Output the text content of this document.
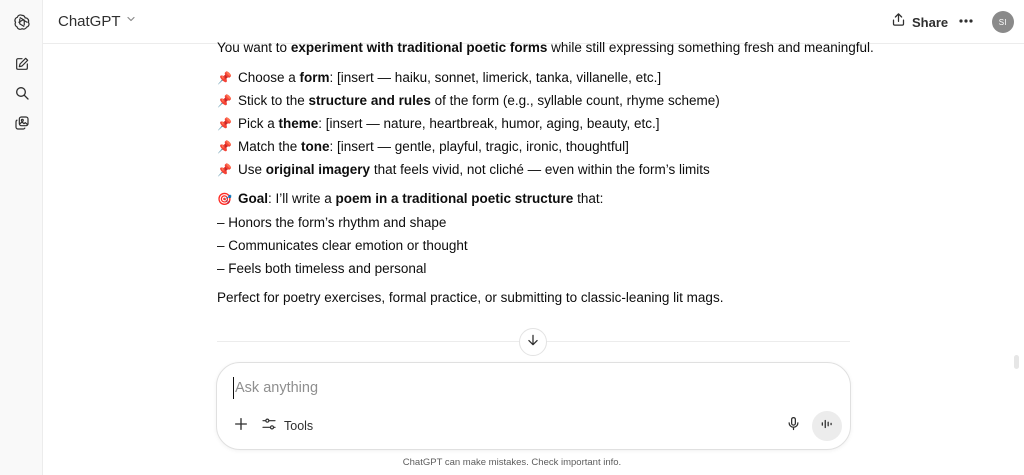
ChatGPT	Share	SI
You want to experiment with traditional poetic forms while still expressing something fresh and meaningful.
📌 Choose a form: [insert — haiku, sonnet, limerick, tanka, villanelle, etc.]
📌 Stick to the structure and rules of the form (e.g., syllable count, rhyme scheme)
📌 Pick a theme: [insert — nature, heartbreak, humor, aging, beauty, etc.]
📌 Match the tone: [insert — gentle, playful, tragic, ironic, thoughtful]
📌 Use original imagery that feels vivid, not cliché — even within the form’s limits
🎯 Goal: I’ll write a poem in a traditional poetic structure that:
– Honors the form’s rhythm and shape
– Communicates clear emotion or thought
– Feels both timeless and personal
Perfect for poetry exercises, formal practice, or submitting to classic-leaning lit mags.
Ask anything
Tools
ChatGPT can make mistakes. Check important info.
